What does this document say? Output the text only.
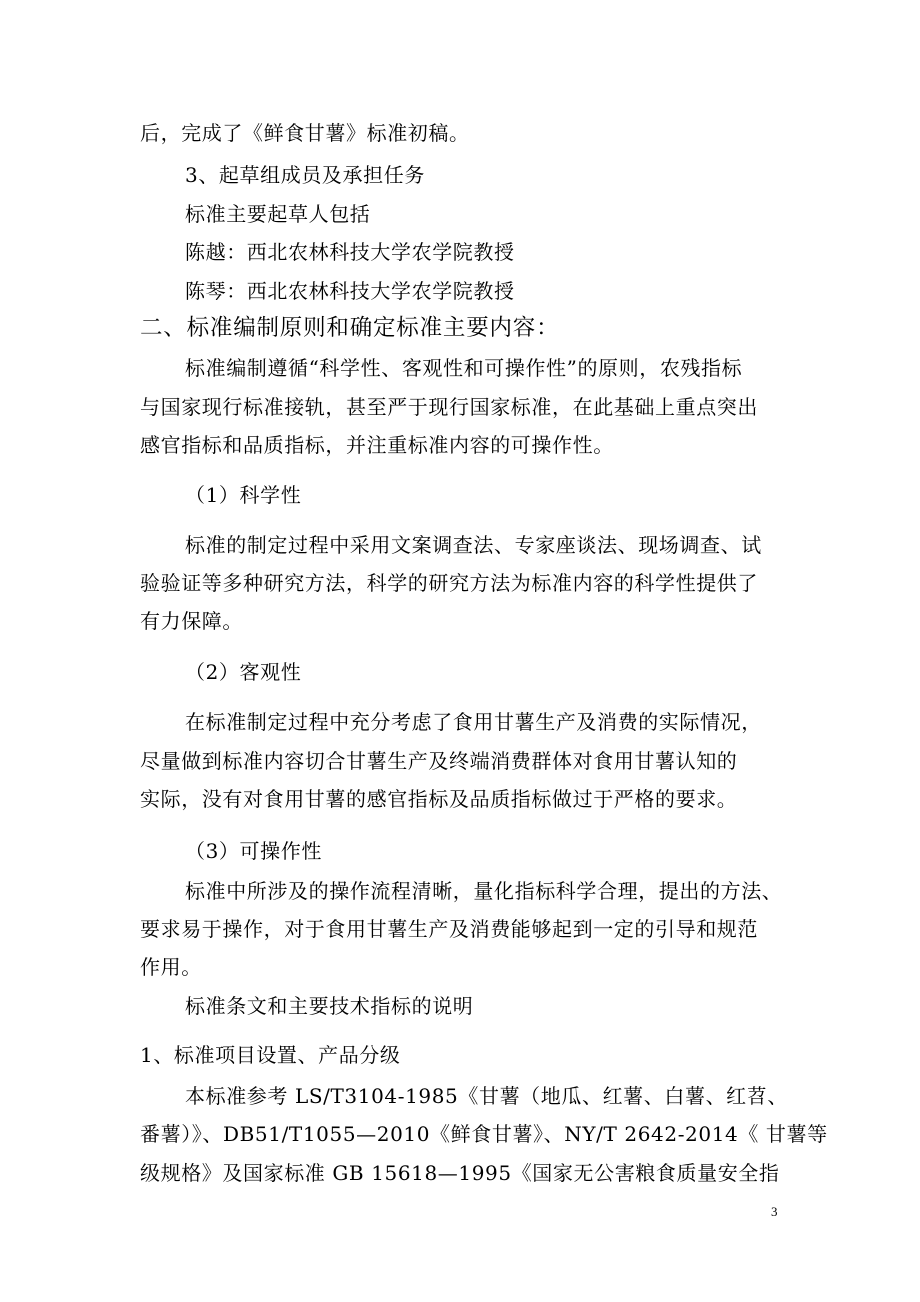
后，完成了《鲜食甘薯》标准初稿。
3、起草组成员及承担任务
标准主要起草人包括
陈越：西北农林科技大学农学院教授
陈琴：西北农林科技大学农学院教授
二、标准编制原则和确定标准主要内容：
标准编制遵循“科学性、客观性和可操作性”的原则，农残指标
与国家现行标准接轨，甚至严于现行国家标准，在此基础上重点突出
感官指标和品质指标，并注重标准内容的可操作性。
（1）科学性
标准的制定过程中采用文案调查法、专家座谈法、现场调查、试
验验证等多种研究方法，科学的研究方法为标准内容的科学性提供了
有力保障。
（2）客观性
在标准制定过程中充分考虑了食用甘薯生产及消费的实际情况，
尽量做到标准内容切合甘薯生产及终端消费群体对食用甘薯认知的
实际，没有对食用甘薯的感官指标及品质指标做过于严格的要求。
（3）可操作性
标准中所涉及的操作流程清晰，量化指标科学合理，提出的方法、
要求易于操作，对于食用甘薯生产及消费能够起到一定的引导和规范
作用。
标准条文和主要技术指标的说明
1、标准项目设置、产品分级
本标准参考 LS/T3104-1985《甘薯（地瓜、红薯、白薯、红苕、
番薯）》、DB51/T1055—2010《鲜食甘薯》、NY/T 2642-2014《 甘薯等
级规格》及国家标准 GB 15618—1995《国家无公害粮食质量安全指
3
